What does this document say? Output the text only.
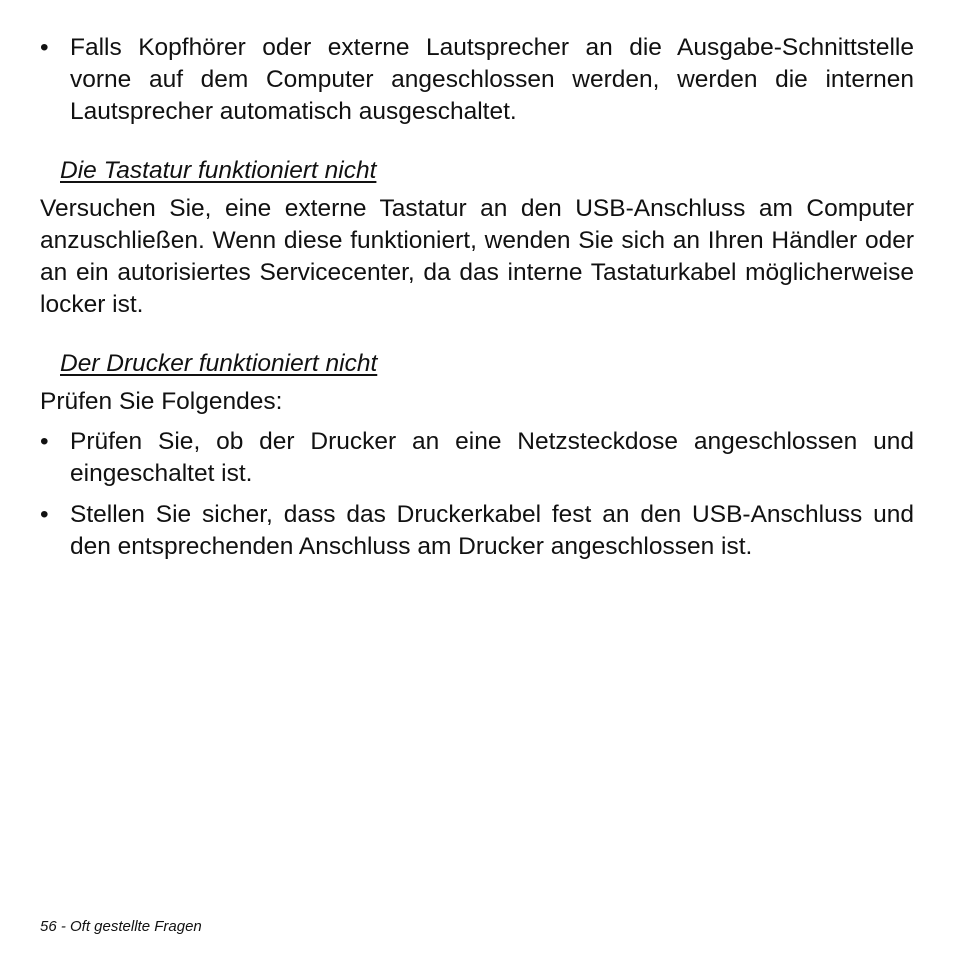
• Falls Kopfhörer oder externe Lautsprecher an die Ausgabe-Schnittstelle vorne auf dem Computer angeschlossen werden, werden die internen Lautsprecher automatisch ausgeschaltet.
Die Tastatur funktioniert nicht
Versuchen Sie, eine externe Tastatur an den USB-Anschluss am Computer anzuschließen. Wenn diese funktioniert, wenden Sie sich an Ihren Händler oder an ein autorisiertes Servicecenter, da das interne Tastaturkabel möglicherweise locker ist.
Der Drucker funktioniert nicht
Prüfen Sie Folgendes:
• Prüfen Sie, ob der Drucker an eine Netzsteckdose angeschlossen und eingeschaltet ist.
• Stellen Sie sicher, dass das Druckerkabel fest an den USB-Anschluss und den entsprechenden Anschluss am Drucker angeschlossen ist.
56 - Oft gestellte Fragen
